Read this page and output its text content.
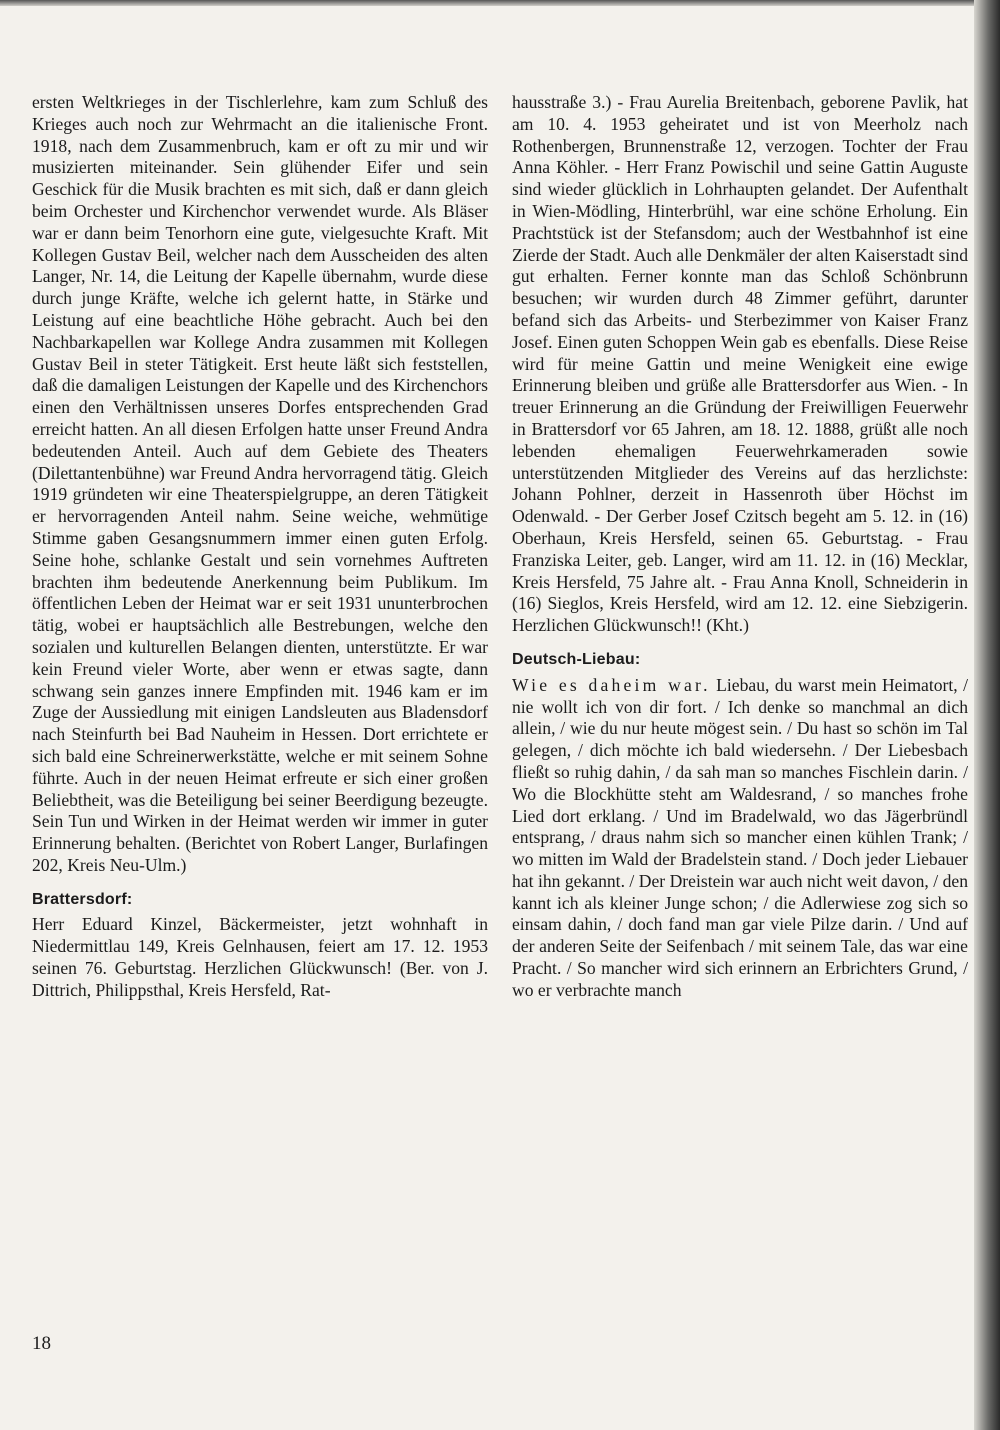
ersten Weltkrieges in der Tischlerlehre, kam zum Schluß des Krieges auch noch zur Wehrmacht an die italienische Front. 1918, nach dem Zusammenbruch, kam er oft zu mir und wir musizierten miteinander. Sein glühender Eifer und sein Geschick für die Musik brachten es mit sich, daß er dann gleich beim Orchester und Kirchenchor verwendet wurde. Als Bläser war er dann beim Tenorhorn eine gute, vielgesuchte Kraft. Mit Kollegen Gustav Beil, welcher nach dem Ausscheiden des alten Langer, Nr. 14, die Leitung der Kapelle übernahm, wurde diese durch junge Kräfte, welche ich gelernt hatte, in Stärke und Leistung auf eine beachtliche Höhe gebracht. Auch bei den Nachbarkapellen war Kollege Andra zusammen mit Kollegen Gustav Beil in steter Tätigkeit. Erst heute läßt sich feststellen, daß die damaligen Leistungen der Kapelle und des Kirchenchors einen den Verhältnissen unseres Dorfes entsprechenden Grad erreicht hatten. An all diesen Erfolgen hatte unser Freund Andra bedeutenden Anteil. Auch auf dem Gebiete des Theaters (Dilettantenbühne) war Freund Andra hervorragend tätig. Gleich 1919 gründeten wir eine Theaterspielgruppe, an deren Tätigkeit er hervorragenden Anteil nahm. Seine weiche, wehmütige Stimme gaben Gesangsnummern immer einen guten Erfolg. Seine hohe, schlanke Gestalt und sein vornehmes Auftreten brachten ihm bedeutende Anerkennung beim Publikum. Im öffentlichen Leben der Heimat war er seit 1931 ununterbrochen tätig, wobei er hauptsächlich alle Bestrebungen, welche den sozialen und kulturellen Belangen dienten, unterstützte. Er war kein Freund vieler Worte, aber wenn er etwas sagte, dann schwang sein ganzes innere Empfinden mit. 1946 kam er im Zuge der Aussiedlung mit einigen Landsleuten aus Bladensdorf nach Steinfurth bei Bad Nauheim in Hessen. Dort errichtete er sich bald eine Schreinerwerkstätte, welche er mit seinem Sohne führte. Auch in der neuen Heimat erfreute er sich einer großen Beliebtheit, was die Beteiligung bei seiner Beerdigung bezeugte. Sein Tun und Wirken in der Heimat werden wir immer in guter Erinnerung behalten. (Berichtet von Robert Langer, Burlafingen 202, Kreis Neu-Ulm.)

Brattersdorf:

Herr Eduard Kinzel, Bäckermeister, jetzt wohnhaft in Niedermittlau 149, Kreis Gelnhausen, feiert am 17. 12. 1953 seinen 76. Geburtstag. Herzlichen Glückwunsch! (Ber. von J. Dittrich, Philippsthal, Kreis Hersfeld, Rat-

hausstraße 3.) - Frau Aurelia Breitenbach, geborene Pavlik, hat am 10. 4. 1953 geheiratet und ist von Meerholz nach Rothenbergen, Brunnenstraße 12, verzogen. Tochter der Frau Anna Köhler. - Herr Franz Powischil und seine Gattin Auguste sind wieder glücklich in Lohrhaupten gelandet. Der Aufenthalt in Wien-Mödling, Hinterbrühl, war eine schöne Erholung. Ein Prachtstück ist der Stefansdom; auch der Westbahnhof ist eine Zierde der Stadt. Auch alle Denkmäler der alten Kaiserstadt sind gut erhalten. Ferner konnte man das Schloß Schönbrunn besuchen; wir wurden durch 48 Zimmer geführt, darunter befand sich das Arbeits- und Sterbezimmer von Kaiser Franz Josef. Einen guten Schoppen Wein gab es ebenfalls. Diese Reise wird für meine Gattin und meine Wenigkeit eine ewige Erinnerung bleiben und grüße alle Brattersdorfer aus Wien. - In treuer Erinnerung an die Gründung der Freiwilligen Feuerwehr in Brattersdorf vor 65 Jahren, am 18. 12. 1888, grüßt alle noch lebenden ehemaligen Feuerwehrkameraden sowie unterstützenden Mitglieder des Vereins auf das herzlichste: Johann Pohlner, derzeit in Hassenroth über Höchst im Odenwald. - Der Gerber Josef Czitsch begeht am 5. 12. in (16) Oberhaun, Kreis Hersfeld, seinen 65. Geburtstag. - Frau Franziska Leiter, geb. Langer, wird am 11. 12. in (16) Mecklar, Kreis Hersfeld, 75 Jahre alt. - Frau Anna Knoll, Schneiderin in (16) Sieglos, Kreis Hersfeld, wird am 12. 12. eine Siebzigerin. Herzlichen Glückwunsch!! (Kht.)

Deutsch-Liebau:

Wie es daheim war. Liebau, du warst mein Heimatort, / nie wollt ich von dir fort. / Ich denke so manchmal an dich allein, / wie du nur heute mögest sein. / Du hast so schön im Tal gelegen, / dich möchte ich bald wiedersehn. / Der Liebesbach fließt so ruhig dahin, / da sah man so manches Fischlein darin. / Wo die Blockhütte steht am Waldesrand, / so manches frohe Lied dort erklang. / Und im Bradelwald, wo das Jägerbründl entsprang, / draus nahm sich so mancher einen kühlen Trank; / wo mitten im Wald der Bradelstein stand. / Doch jeder Liebauer hat ihn gekannt. / Der Dreistein war auch nicht weit davon, / den kannt ich als kleiner Junge schon; / die Adlerwiese zog sich so einsam dahin, / doch fand man gar viele Pilze darin. / Und auf der anderen Seite der Seifenbach / mit seinem Tale, das war eine Pracht. / So mancher wird sich erinnern an Erbrichters Grund, / wo er verbrachte manch

18
